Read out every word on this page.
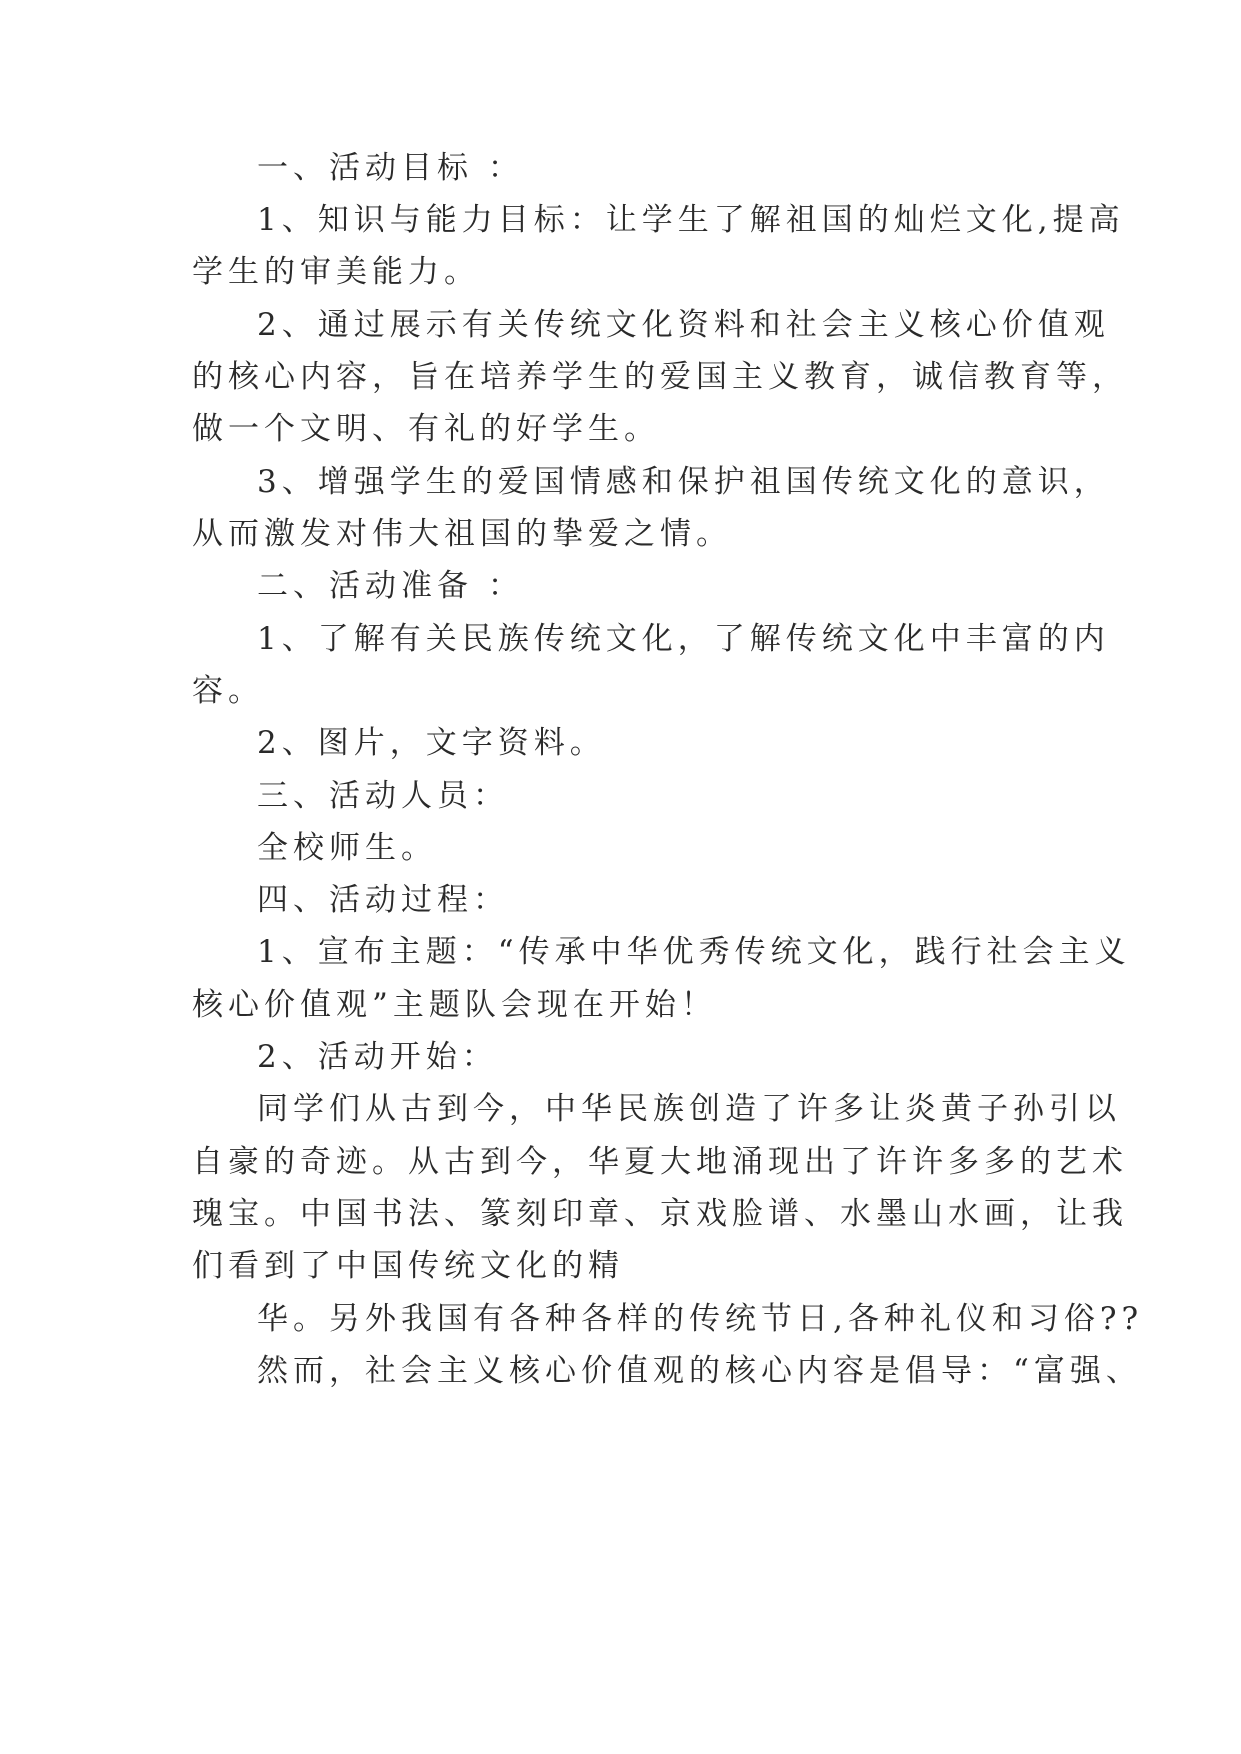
一、活动目标 ：

1、知识与能力目标：让学生了解祖国的灿烂文化,提高

学生的审美能力。

2、通过展示有关传统文化资料和社会主义核心价值观

的核心内容，旨在培养学生的爱国主义教育，诚信教育等，

做一个文明、有礼的好学生。

3、增强学生的爱国情感和保护祖国传统文化的意识，

从而激发对伟大祖国的挚爱之情。

二、活动准备 ：

1、了解有关民族传统文化，了解传统文化中丰富的内

容。

2、图片，文字资料。

三、活动人员：

全校师生。

四、活动过程：

1、宣布主题：“传承中华优秀传统文化，践行社会主义

核心价值观”主题队会现在开始！

2、活动开始：

同学们从古到今，中华民族创造了许多让炎黄子孙引以

自豪的奇迹。从古到今，华夏大地涌现出了许许多多的艺术

瑰宝。中国书法、篆刻印章、京戏脸谱、水墨山水画，让我

们看到了中国传统文化的精

华。另外我国有各种各样的传统节日,各种礼仪和习俗??

然而，社会主义核心价值观的核心内容是倡导：“富强、
